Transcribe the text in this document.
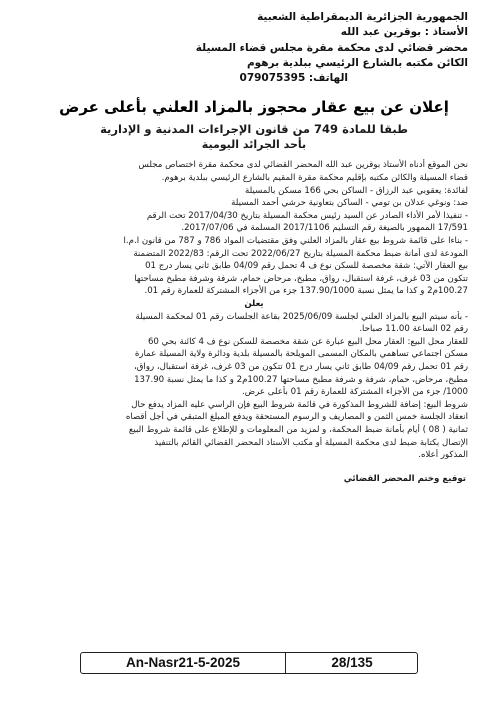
الجمهورية الجزائرية الديمقراطية الشعبية
الأستاذ : بوقرين عبد الله
محضر قضائي لدى محكمة مقرة مجلس قضاء المسيلة
الكائن مكتبه بالشارع الرئيسي ببلدية برهوم
الهاتف: 079075395
إعلان عن بيع عقار محجوز بالمزاد العلني بأعلى عرض
طبقا للمادة 749 من قانون الإجراءات المدنية و الإدارية
بأحد الجرائد اليومية
نحن الموقع أدناه الأستاذ بوقرين عبد الله المحضر القضائي لدى محكمة مقرة اختصاص مجلس
قضاء المسيلة والكائن مكتبه بإقليم محكمة مقرة المقيم بالشارع الرئيسي ببلدية برهوم.
لفائدة: يعقوبي عبد الرزاق - الساكن بحي 166 مسكن بالمسيلة
ضد: ونوغي عدلان بن تومي - الساكن بتعاونية حرشي أحمد المسيلة
- تنفيذا لأمر الأداء الصادر عن السيد رئيس محكمة المسيلة بتاريخ 2017/04/30 تحت الرقم
17/591 الممهور بالصيغة رقم التسليم 2017/1106 المسلمة في 2017/07/06.
- بناءا على قائمة شروط بيع عقار بالمزاد العلني وفق مقتضيات المواد 786 و 787 من قانون ا.م.ا
المودعة لدى أمانة ضبط محكمة المسيلة بتاريخ 2022/06/27 تحت الرقم: 2022/83 المتضمنة
بيع العقار الآتي: شقة مخصصة للسكن نوع ف 4 تحمل رقم 04/09 طابق ثاني يسار درج 01
تتكون من 03 غرف، غرفة استقبال، رواق، مطبخ، مرحاض حمام، شرفة وشرفة مطبخ مساحتها
100.27م2 و كذا ما يمثل نسبة 137.90/1000 جزء من الأجزاء المشتركة للعمارة رقم 01.
يعلن
- بأنه سيتم البيع بالمزاد العلني لجلسة 2025/06/09 بقاعة الجلسات رقم 01 لمحكمة المسيلة
رقم 02 الساعة 11.00 صباحا.
للعقار محل البيع: العقار محل البيع عبارة عن شقة مخصصة للسكن نوع ف 4 كائنة بحي 60
مسكن اجتماعي تساهمي بالمكان المسمى المويلحة بالمسيلة بلدية ودائرة ولاية المسيلة عمارة
رقم 01 تحمل رقم 04/09 طابق ثاني يسار درج 01 تتكون من 03 غرف، غرفة استقبال، رواق،
مطبخ، مرحاض، حمام، شرفة و شرفة مطبخ مساحتها 100.27م2 و كذا ما يمثل نسبة 137.90
1000/ جزء من الأجزاء المشتركة للعمارة رقم 01 بأعلى عرض.
شروط البيع: إضافة للشروط المذكورة في قائمة شروط البيع فإن الراسي عليه المزاد يدفع حال
انعقاد الجلسة خمس الثمن و المصاريف و الرسوم المستحقة ويدفع المبلغ المتبقي في أجل أقصاه
ثمانية ( 08 ) أيام بأمانة ضبط المحكمة، و لمزيد من المعلومات و للإطلاع على قائمة شروط البيع
الإتصال بكتابة ضبط لدى محكمة المسيلة أو مكتب الأستاذ المحضر القضائي القائم بالتنفيذ
المذكور أعلاه.
توقيع وختم المحضر القضائي
An-Nasr21-5-2025	28/135
